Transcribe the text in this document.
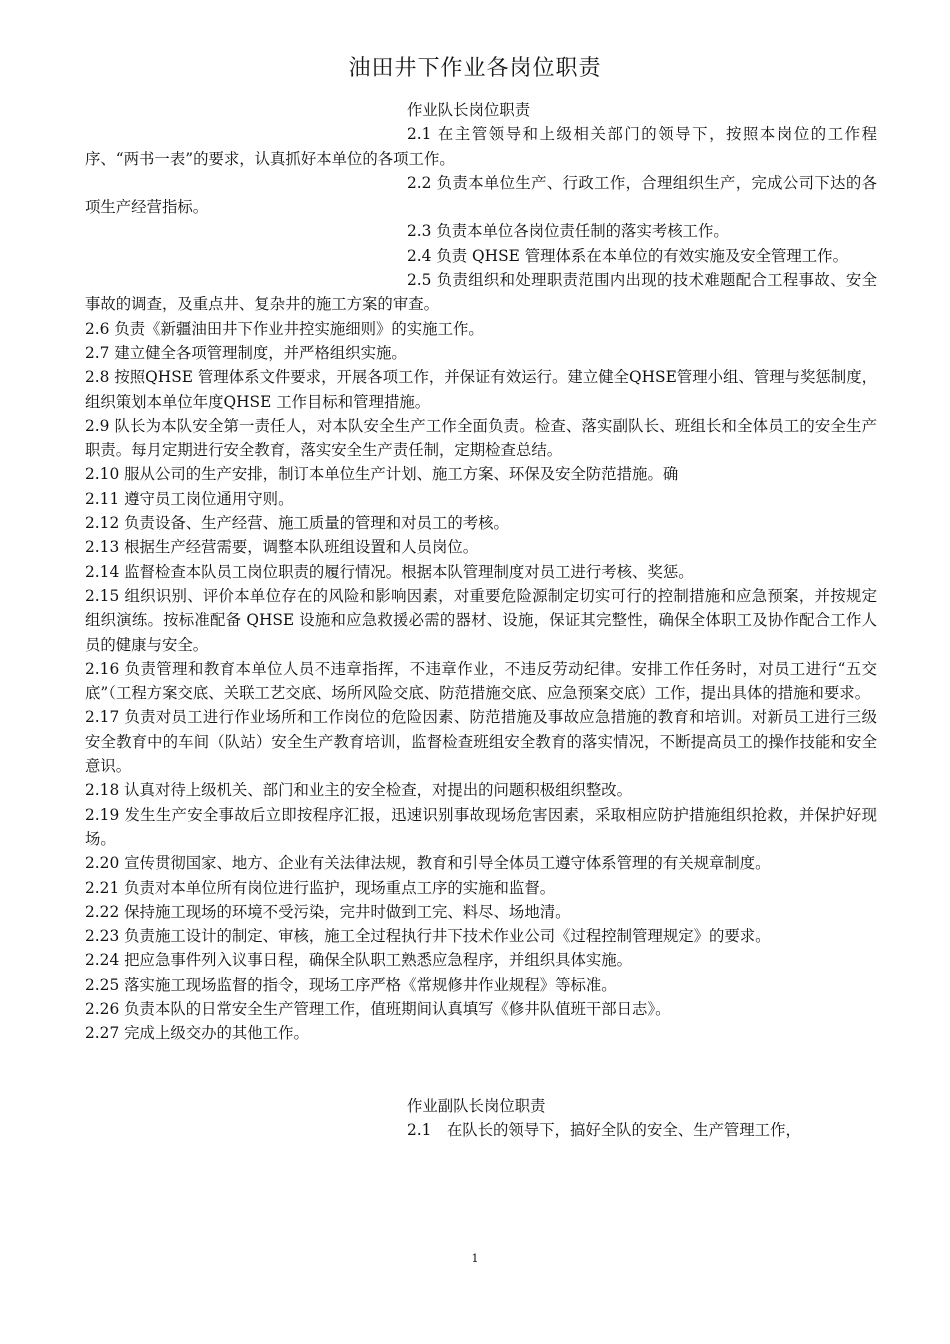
油田井下作业各岗位职责

作业队长岗位职责

2.1 在主管领导和上级相关部门的领导下，按照本岗位的工作程序、“两书一表”的要求，认真抓好本单位的各项工作。

2.2 负责本单位生产、行政工作，合理组织生产，完成公司下达的各项生产经营指标。

2.3 负责本单位各岗位责任制的落实考核工作。

2.4 负责 QHSE 管理体系在本单位的有效实施及安全管理工作。

2.5 负责组织和处理职责范围内出现的技术难题配合工程事故、安全事故的调查，及重点井、复杂井的施工方案的审查。

2.6 负责《新疆油田井下作业井控实施细则》的实施工作。

2.7 建立健全各项管理制度，并严格组织实施。

2.8 按照QHSE 管理体系文件要求，开展各项工作，并保证有效运行。建立健全QHSE管理小组、管理与奖惩制度，组织策划本单位年度QHSE 工作目标和管理措施。

2.9 队长为本队安全第一责任人，对本队安全生产工作全面负责。检查、落实副队长、班组长和全体员工的安全生产职责。每月定期进行安全教育，落实安全生产责任制，定期检查总结。

2.10 服从公司的生产安排，制订本单位生产计划、施工方案、环保及安全防范措施。确

2.11 遵守员工岗位通用守则。

2.12 负责设备、生产经营、施工质量的管理和对员工的考核。

2.13 根据生产经营需要，调整本队班组设置和人员岗位。

2.14 监督检查本队员工岗位职责的履行情况。根据本队管理制度对员工进行考核、奖惩。

2.15 组织识别、评价本单位存在的风险和影响因素，对重要危险源制定切实可行的控制措施和应急预案，并按规定组织演练。按标准配备 QHSE 设施和应急救援必需的器材、设施，保证其完整性，确保全体职工及协作配合工作人员的健康与安全。

2.16 负责管理和教育本单位人员不违章指挥，不违章作业，不违反劳动纪律。安排工作任务时，对员工进行“五交底”（工程方案交底、关联工艺交底、场所风险交底、防范措施交底、应急预案交底）工作，提出具体的措施和要求。

2.17 负责对员工进行作业场所和工作岗位的危险因素、防范措施及事故应急措施的教育和培训。对新员工进行三级安全教育中的车间（队站）安全生产教育培训，监督检查班组安全教育的落实情况，不断提高员工的操作技能和安全意识。

2.18 认真对待上级机关、部门和业主的安全检查，对提出的问题积极组织整改。

2.19 发生生产安全事故后立即按程序汇报，迅速识别事故现场危害因素，采取相应防护措施组织抢救，并保护好现场。

2.20 宣传贯彻国家、地方、企业有关法律法规，教育和引导全体员工遵守体系管理的有关规章制度。

2.21 负责对本单位所有岗位进行监护，现场重点工序的实施和监督。

2.22 保持施工现场的环境不受污染，完井时做到工完、料尽、场地清。

2.23 负责施工设计的制定、审核，施工全过程执行井下技术作业公司《过程控制管理规定》的要求。

2.24 把应急事件列入议事日程，确保全队职工熟悉应急程序，并组织具体实施。

2.25 落实施工现场监督的指令，现场工序严格《常规修井作业规程》等标准。

2.26 负责本队的日常安全生产管理工作，值班期间认真填写《修井队值班干部日志》。

2.27 完成上级交办的其他工作。

作业副队长岗位职责

2.1　在队长的领导下，搞好全队的安全、生产管理工作，

1
